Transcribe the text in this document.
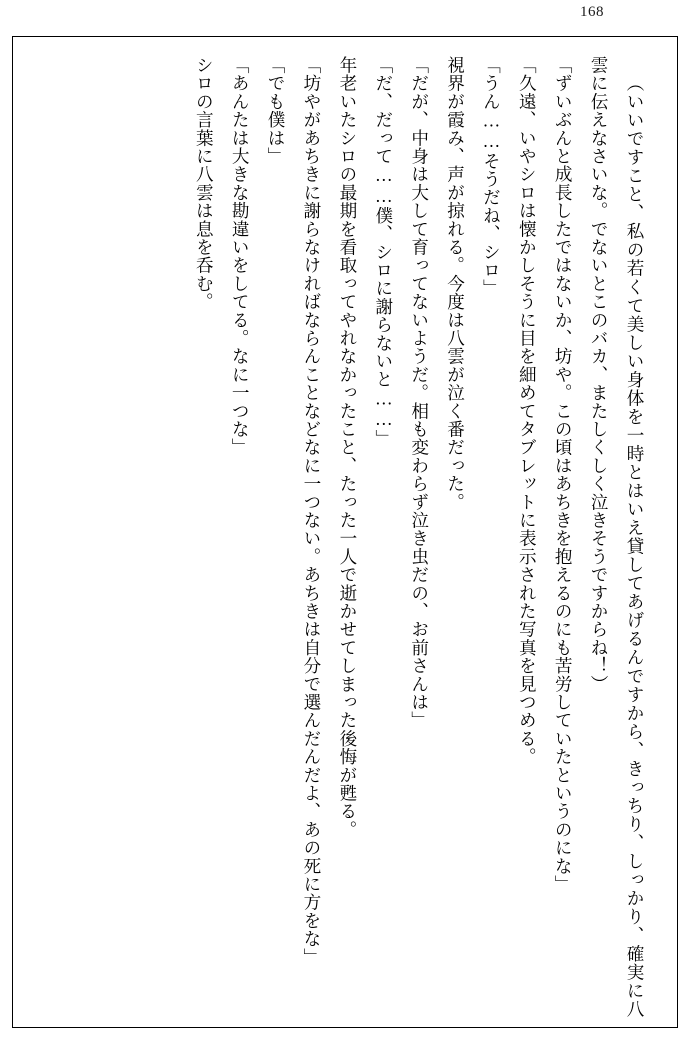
168

（いいですこと、私の若くて美しい身体を一時とはいえ貸してあげるんですから、きっちり、しっかり、確実に八雲に伝えなさいな。でないとこのバカ、またしくしく泣きそうですからね！）

「ずいぶんと成長したではないか、坊や。この頃はあちきを抱えるのにも苦労していたというのにな」

「久遠、いやシロは懐かしそうに目を細めてタブレットに表示された写真を見つめる。

「うん……そうだね、シロ」

視界が霞み、声が掠れる。今度は八雲が泣く番だった。

「だが、中身は大して育ってないようだ。相も変わらず泣き虫だの、お前さんは」

「だ、だって……僕、シロに謝らないと……」

年老いたシロの最期を看取ってやれなかったこと、たった一人で逝かせてしまった後悔が甦る。

「坊やがあちきに謝らなければならんことなどなに一つない。あちきは自分で選んだんだよ、あの死に方をな」

「でも僕は」

「あんたは大きな勘違いをしてる。なに一つな」

シロの言葉に八雲は息を呑む。
